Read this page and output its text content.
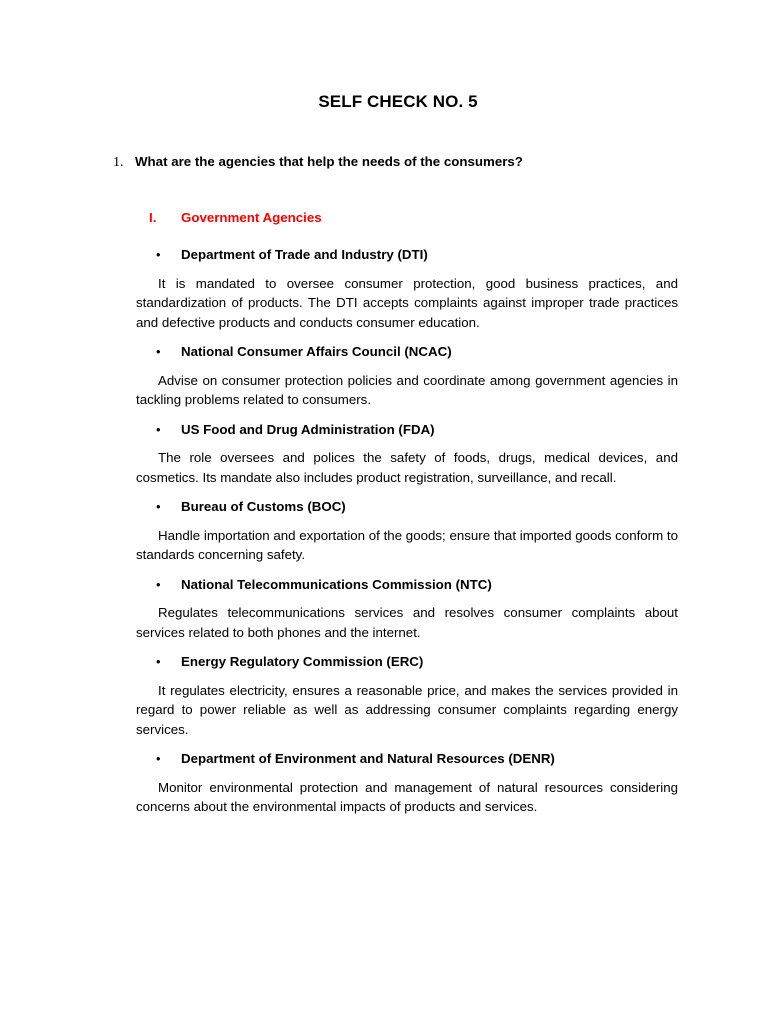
SELF CHECK NO. 5
1. What are the agencies that help the needs of the consumers?
I. Government Agencies
• Department of Trade and Industry (DTI)

It is mandated to oversee consumer protection, good business practices, and standardization of products. The DTI accepts complaints against improper trade practices and defective products and conducts consumer education.

• National Consumer Affairs Council (NCAC)

Advise on consumer protection policies and coordinate among government agencies in tackling problems related to consumers.

• US Food and Drug Administration (FDA)

The role oversees and polices the safety of foods, drugs, medical devices, and cosmetics. Its mandate also includes product registration, surveillance, and recall.

• Bureau of Customs (BOC)

Handle importation and exportation of the goods; ensure that imported goods conform to standards concerning safety.

• National Telecommunications Commission (NTC)

Regulates telecommunications services and resolves consumer complaints about services related to both phones and the internet.

• Energy Regulatory Commission (ERC)

It regulates electricity, ensures a reasonable price, and makes the services provided in regard to power reliable as well as addressing consumer complaints regarding energy services.

• Department of Environment and Natural Resources (DENR)

Monitor environmental protection and management of natural resources considering concerns about the environmental impacts of products and services.
